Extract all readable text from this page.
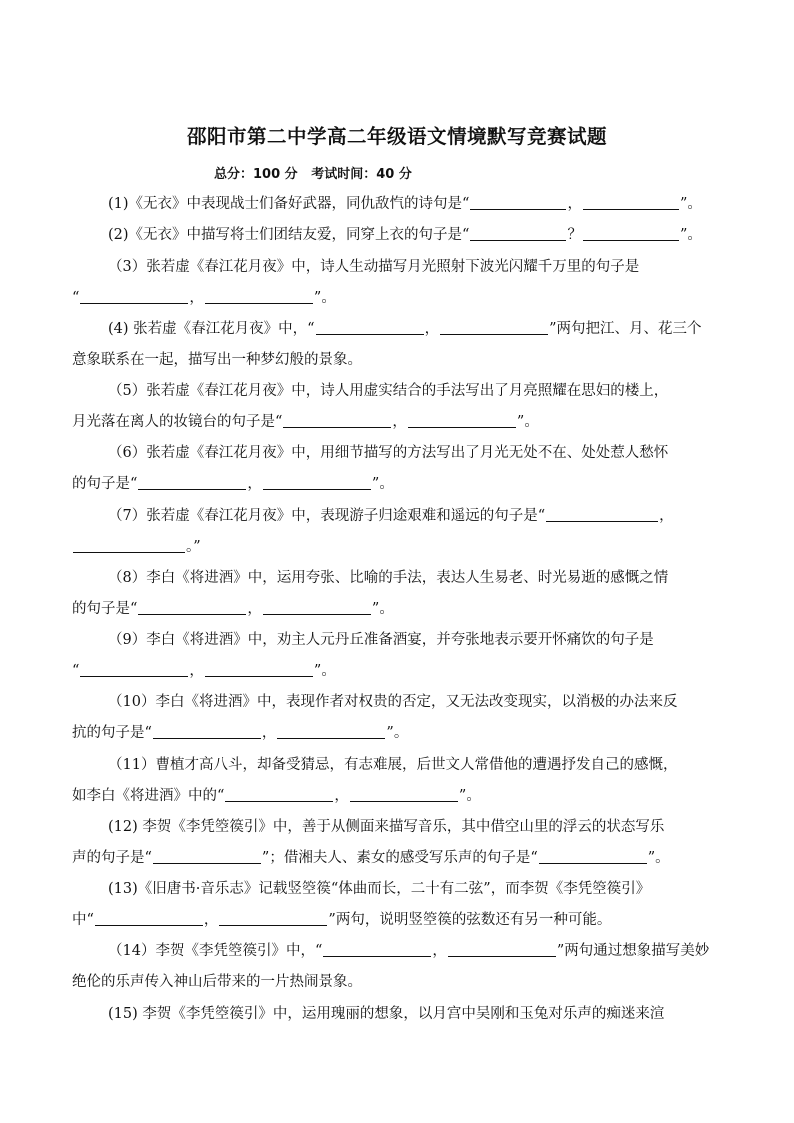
邵阳市第二中学高二年级语文情境默写竞赛试题
总分：100 分   考试时间：40 分
(1)《无衣》中表现战士们备好武器，同仇敌忾的诗句是“	，	”。
(2)《无衣》中描写将士们团结友爱，同穿上衣的句子是“	？	”。
（3）张若虚《春江花月夜》中，诗人生动描写月光照射下波光闪耀千万里的句子是
“	，	”。
(4) 张若虚《春江花月夜》中，“	，	”两句把江、月、花三个
意象联系在一起，描写出一种梦幻般的景象。
（5）张若虚《春江花月夜》中，诗人用虚实结合的手法写出了月亮照耀在思妇的楼上，
月光落在离人的妆镜台的句子是“	，	”。
（6）张若虚《春江花月夜》中，用细节描写的方法写出了月光无处不在、处处惹人愁怀
的句子是“	，	”。
（7）张若虚《春江花月夜》中，表现游子归途艰难和遥远的句子是“	，
。”
（8）李白《将进酒》中，运用夸张、比喻的手法，表达人生易老、时光易逝的感慨之情
的句子是“	，	”。
（9）李白《将进酒》中，劝主人元丹丘准备酒宴，并夸张地表示要开怀痛饮的句子是
“	，	”。
（10）李白《将进酒》中，表现作者对权贵的否定，又无法改变现实，以消极的办法来反
抗的句子是“	，	”。
（11）曹植才高八斗，却备受猜忌，有志难展，后世文人常借他的遭遇抒发自己的感慨，
如李白《将进酒》中的“	，	”。
(12) 李贺《李凭箜篌引》中，善于从侧面来描写音乐，其中借空山里的浮云的状态写乐
声的句子是“	”；借湘夫人、素女的感受写乐声的句子是“	”。
(13)《旧唐书·音乐志》记载竖箜篌“体曲而长，二十有二弦”，而李贺《李凭箜篌引》
中“	，	”两句，说明竖箜篌的弦数还有另一种可能。
（14）李贺《李凭箜篌引》中，“	，	”两句通过想象描写美妙
绝伦的乐声传入神山后带来的一片热闹景象。
(15) 李贺《李凭箜篌引》中，运用瑰丽的想象，以月宫中吴刚和玉兔对乐声的痴迷来渲
